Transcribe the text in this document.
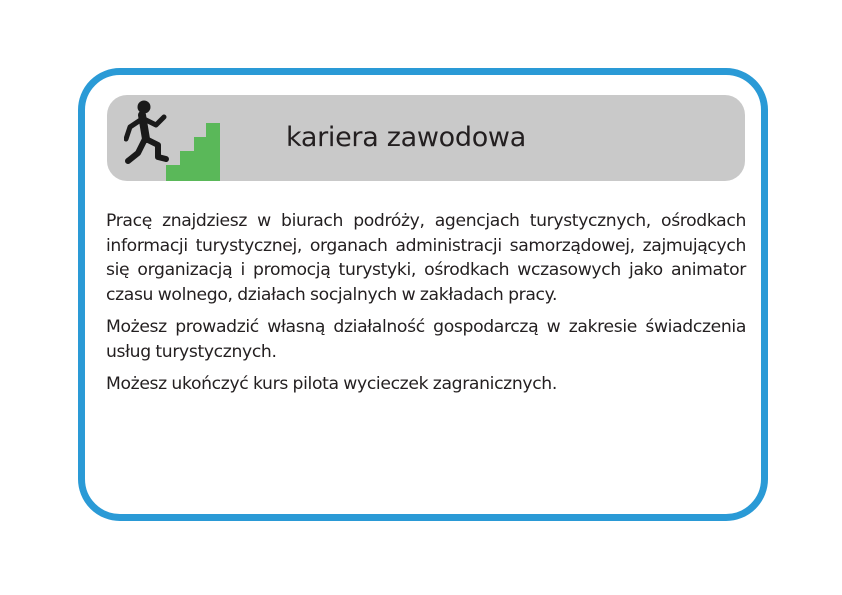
kariera zawodowa

Pracę znajdziesz w biurach podróży, agencjach turystycznych, ośrodkach informacji turystycznej, organach administracji samorządowej, zajmujących się organizacją i promocją turystyki, ośrodkach wczasowych jako animator czasu wolnego, działach socjalnych w zakładach pracy.

Możesz prowadzić własną działalność gospodarczą w zakresie świadczenia usług turystycznych.

Możesz ukończyć kurs pilota wycieczek zagranicznych.
